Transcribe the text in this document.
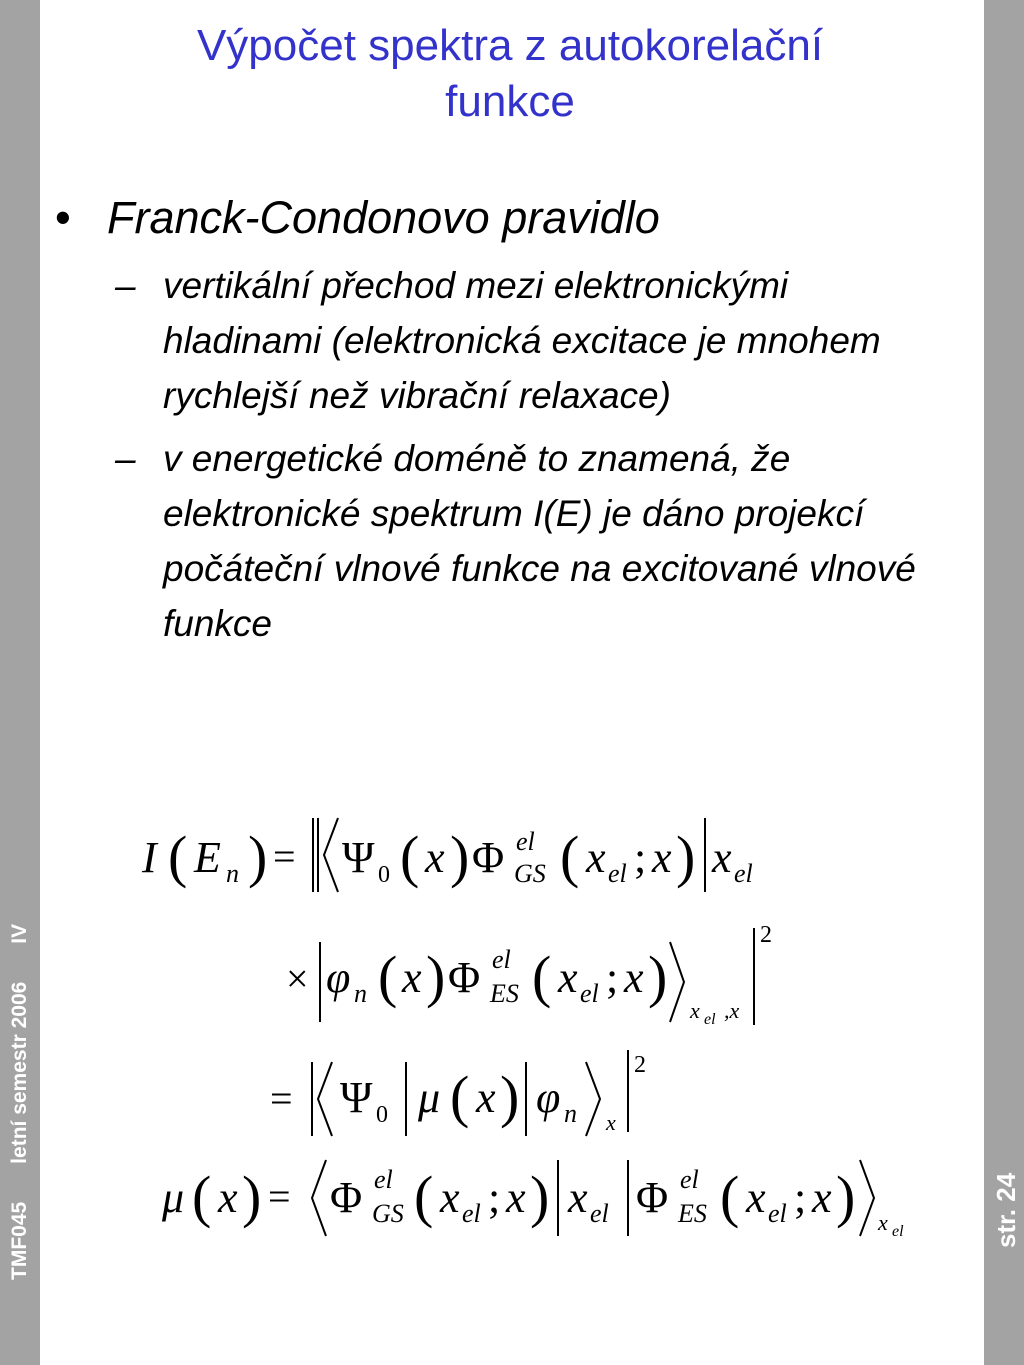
TMF045
letní semestr 2006
IV
str. 24
Výpočet spektra z autokorelační
funkce
• Franck-Condonovo pravidlo
– vertikální přechod mezi elektronickými hladinami (elektronická excitace je mnohem rychlejší než vibrační relaxace)
– v energetické doméně to znamená, že elektronické spektrum I(E) je dáno projekcí počáteční vlnové funkce na excitované vlnové funkce
I ( E n ) = Ψ 0 ( x ) Φ el
GS ( x el ; x ) x el
× φ n ( x ) Φ el
ES ( x el ; x )
x el ,x
2
= Ψ 0 μ ( x ) φ n x
2
μ ( x ) = Φ el
GS ( x el ; x ) x el Φ el
ES ( x el ; x ) x el
